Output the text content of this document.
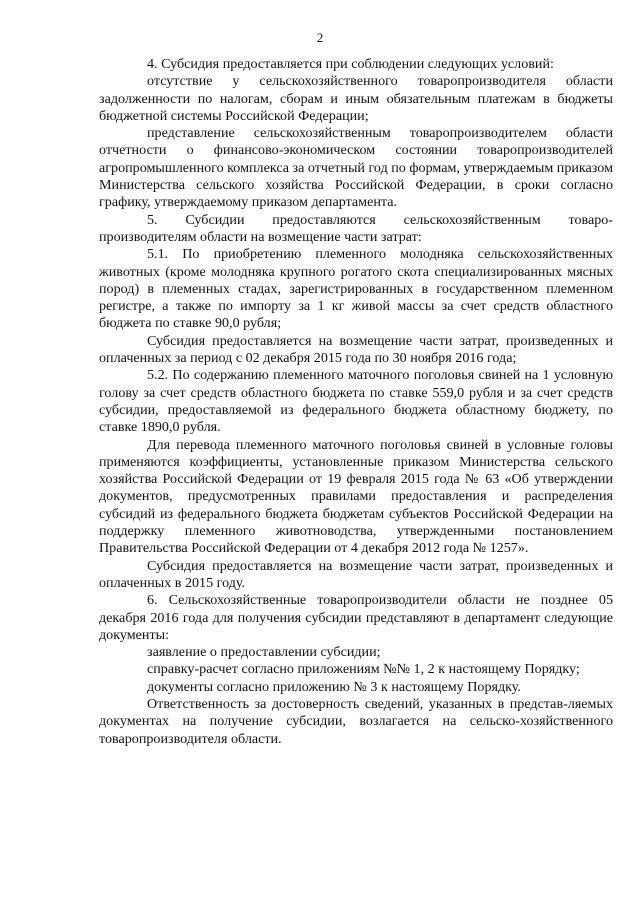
2

4. Субсидия предоставляется при соблюдении следующих условий:

отсутствие у сельскохозяйственного товаропроизводителя области задолженности по налогам, сборам и иным обязательным платежам в бюджеты бюджетной системы Российской Федерации;

представление сельскохозяйственным товаропроизводителем области отчетности о финансово-экономическом состоянии товаропроизводителей агропромышленного комплекса за отчетный год по формам, утверждаемым приказом Министерства сельского хозяйства Российской Федерации, в сроки согласно графику, утверждаемому приказом департамента.

5. Субсидии предоставляются сельскохозяйственным товаро-производителям области на возмещение части затрат:

5.1. По приобретению племенного молодняка сельскохозяйственных животных (кроме молодняка крупного рогатого скота специализированных мясных пород) в племенных стадах, зарегистрированных в государственном племенном регистре, а также по импорту за 1 кг живой массы за счет средств областного бюджета по ставке 90,0 рубля;

Субсидия предоставляется на возмещение части затрат, произведенных и оплаченных за период с 02 декабря 2015 года по 30 ноября 2016 года;

5.2. По содержанию племенного маточного поголовья свиней на 1 условную голову за счет средств областного бюджета по ставке 559,0 рубля и за счет средств субсидии, предоставляемой из федерального бюджета областному бюджету, по ставке 1890,0 рубля.

Для перевода племенного маточного поголовья свиней в условные головы применяются коэффициенты, установленные приказом Министерства сельского хозяйства Российской Федерации от 19 февраля 2015 года № 63 «Об утверждении документов, предусмотренных правилами предоставления и распределения субсидий из федерального бюджета бюджетам субъектов Российской Федерации на поддержку племенного животноводства, утвержденными постановлением Правительства Российской Федерации от 4 декабря 2012 года № 1257».

Субсидия предоставляется на возмещение части затрат, произведенных и оплаченных в 2015 году.

6. Сельскохозяйственные товаропроизводители области не позднее 05 декабря 2016 года для получения субсидии представляют в департамент следующие документы:

заявление о предоставлении субсидии;

справку-расчет согласно приложениям №№ 1, 2 к настоящему Порядку;

документы согласно приложению № 3 к настоящему Порядку.

Ответственность за достоверность сведений, указанных в представ-ляемых документах на получение субсидии, возлагается на сельско-хозяйственного товаропроизводителя области.
